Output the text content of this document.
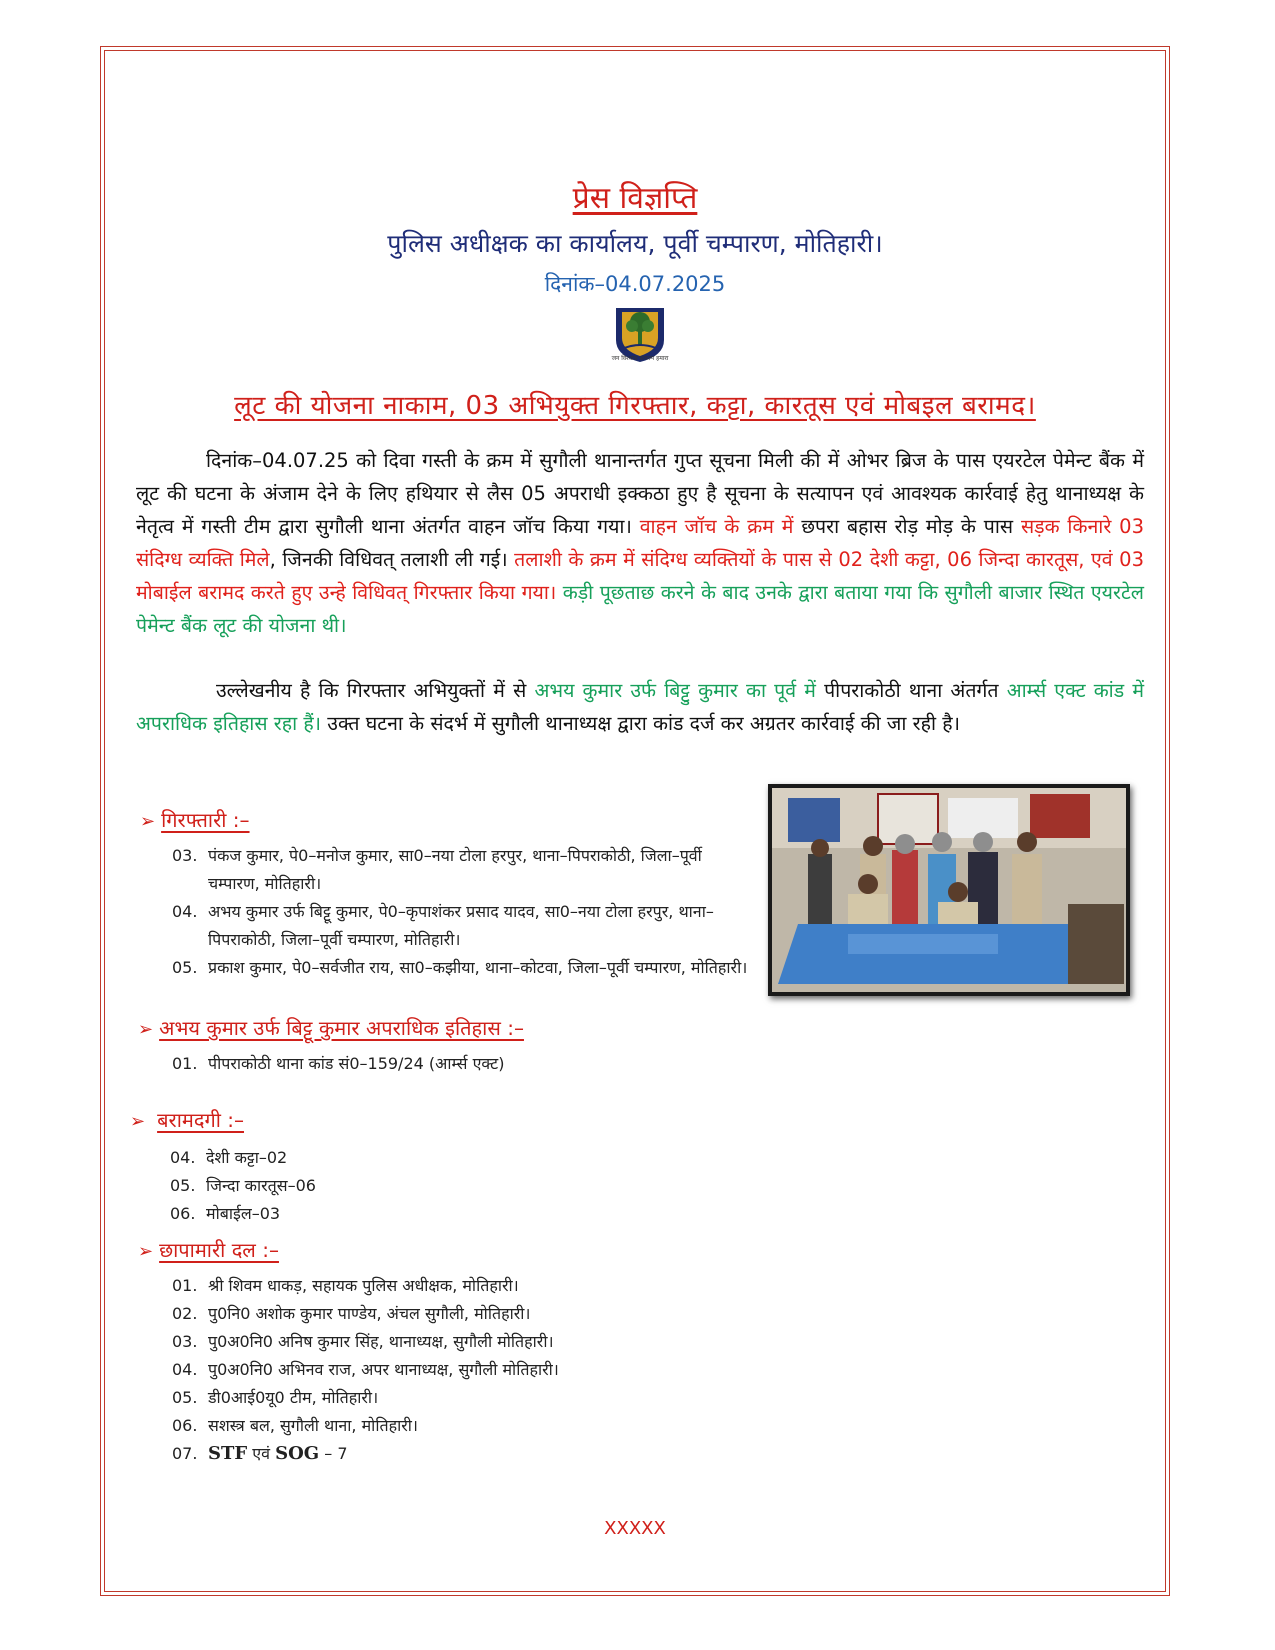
प्रेस विज्ञप्ति
पुलिस अधीक्षक का कार्यालय, पूर्वी चम्पारण, मोतिहारी।
दिनांक–04.07.2025
जन विश्वास संकल्प हमारा
लूट की योजना नाकाम, 03 अभियुक्त गिरफ्तार, कट्टा, कारतूस एवं मोबइल बरामद।
दिनांक–04.07.25 को दिवा गस्ती के क्रम में सुगौली थानान्तर्गत गुप्त सूचना मिली की में ओभर ब्रिज के पास एयरटेल पेमेन्ट बैंक में लूट की घटना के अंजाम देने के लिए हथियार से लैस 05 अपराधी इक्कठा हुए है सूचना के सत्यापन एवं आवश्यक कार्रवाई हेतु थानाध्यक्ष के नेतृत्व में गस्ती टीम द्वारा सुगौली थाना अंतर्गत वाहन जॉच किया गया। वाहन जॉच के क्रम में छपरा बहास रोड़ मोड़ के पास सड़क किनारे 03 संदिग्ध व्यक्ति मिले, जिनकी विधिवत् तलाशी ली गई। तलाशी के क्रम में संदिग्ध व्यक्तियों के पास से 02 देशी कट्टा, 06 जिन्दा कारतूस, एवं 03 मोबाईल बरामद करते हुए उन्हे विधिवत् गिरफ्तार किया गया। कड़ी पूछताछ करने के बाद उनके द्वारा बताया गया कि सुगौली बाजार स्थित एयरटेल पेमेन्ट बैंक लूट की योजना थी।
उल्लेखनीय है कि गिरफ्तार अभियुक्तों में से अभय कुमार उर्फ बिट्टु कुमार का पूर्व में पीपराकोठी थाना अंतर्गत आर्म्स एक्ट कांड में अपराधिक इतिहास रहा हैं। उक्त घटना के संदर्भ में सुगौली थानाध्यक्ष द्वारा कांड दर्ज कर अग्रतर कार्रवाई की जा रही है।
➢ गिरफ्तारी :–
03. पंकज कुमार, पे0–मनोज कुमार, सा0–नया टोला हरपुर, थाना–पिपराकोठी, जिला–पूर्वी चम्पारण, मोतिहारी।
04. अभय कुमार उर्फ बिट्टू कुमार, पे0–कृपाशंकर प्रसाद यादव, सा0–नया टोला हरपुर, थाना–पिपराकोठी, जिला–पूर्वी चम्पारण, मोतिहारी।
05. प्रकाश कुमार, पे0–सर्वजीत राय, सा0–कझीया, थाना–कोटवा, जिला–पूर्वी चम्पारण, मोतिहारी।
➢ अभय कुमार उर्फ बिट्टू कुमार अपराधिक इतिहास :–
01. पीपराकोठी थाना कांड सं0–159/24 (आर्म्स एक्ट)
➢ बरामदगी :–
04. देशी कट्टा–02
05. जिन्दा कारतूस–06
06. मोबाईल–03
➢ छापामारी दल :–
01. श्री शिवम धाकड़, सहायक पुलिस अधीक्षक, मोतिहारी।
02. पु0नि0 अशोक कुमार पाण्डेय, अंचल सुगौली, मोतिहारी।
03. पु0अ0नि0 अनिष कुमार सिंह, थानाध्यक्ष, सुगौली मोतिहारी।
04. पु0अ0नि0 अभिनव राज, अपर थानाध्यक्ष, सुगौली मोतिहारी।
05. डी0आई0यू0 टीम, मोतिहारी।
06. सशस्त्र बल, सुगौली थाना, मोतिहारी।
07. STF एवं SOG – 7
XXXXX
